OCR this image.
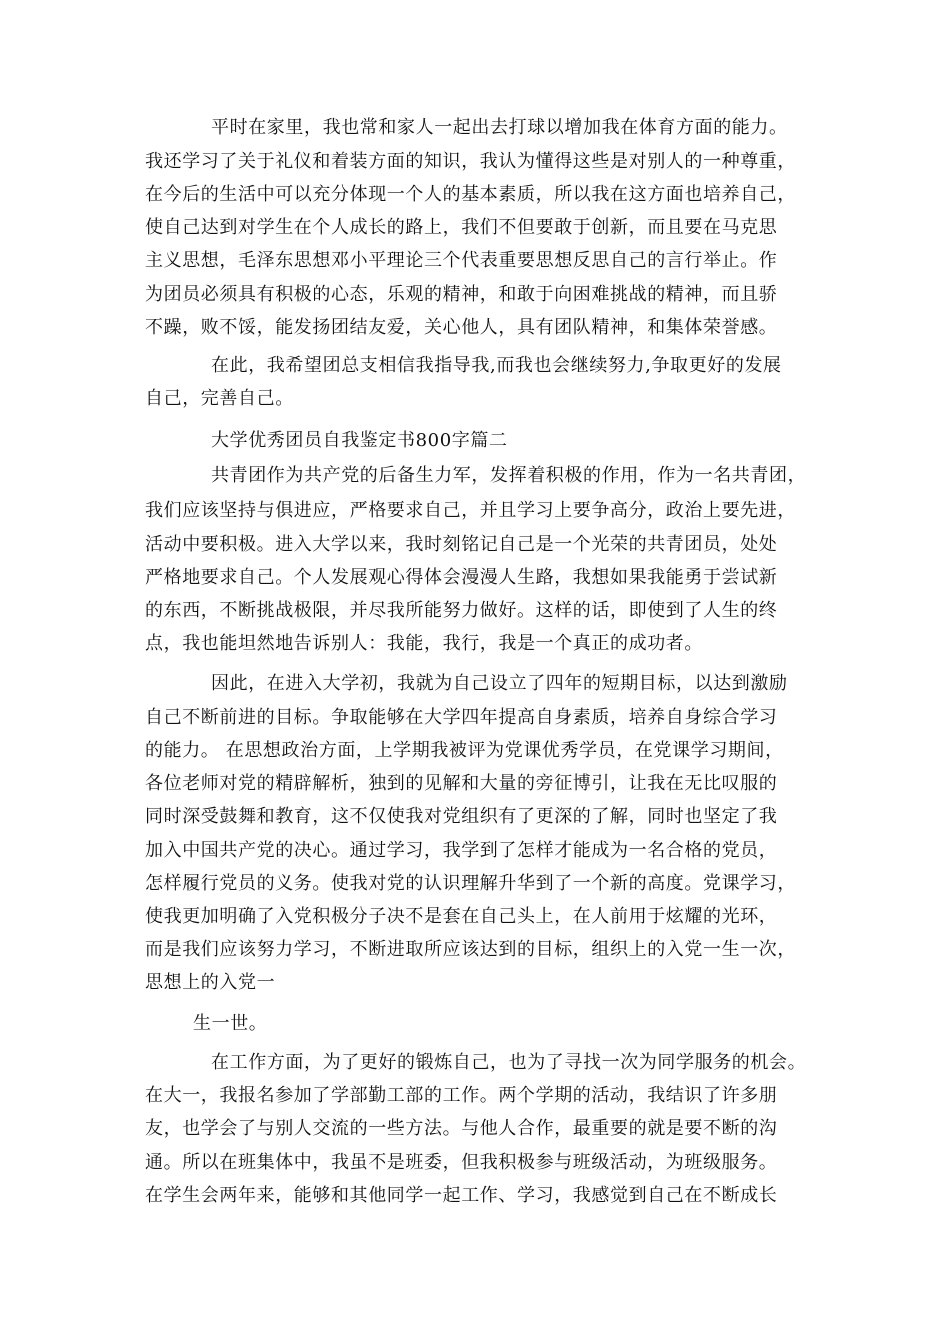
平时在家里，我也常和家人一起出去打球以增加我在体育方面的能力。
我还学习了关于礼仪和着装方面的知识，我认为懂得这些是对别人的一种尊重，
在今后的生活中可以充分体现一个人的基本素质，所以我在这方面也培养自己，
使自己达到对学生在个人成长的路上，我们不但要敢于创新，而且要在马克思
主义思想，毛泽东思想邓小平理论三个代表重要思想反思自己的言行举止。作
为团员必须具有积极的心态，乐观的精神，和敢于向困难挑战的精神，而且骄
不躁，败不馁，能发扬团结友爱，关心他人，具有团队精神，和集体荣誉感。
在此，我希望团总支相信我指导我,而我也会继续努力,争取更好的发展
自己，完善自己。
大学优秀团员自我鉴定书800字篇二
共青团作为共产党的后备生力军，发挥着积极的作用，作为一名共青团，
我们应该坚持与俱进应，严格要求自己，并且学习上要争高分，政治上要先进，
活动中要积极。进入大学以来，我时刻铭记自己是一个光荣的共青团员，处处
严格地要求自己。个人发展观心得体会漫漫人生路，我想如果我能勇于尝试新
的东西，不断挑战极限，并尽我所能努力做好。这样的话，即使到了人生的终
点，我也能坦然地告诉别人：我能，我行，我是一个真正的成功者。
因此，在进入大学初，我就为自己设立了四年的短期目标，以达到激励
自己不断前进的目标。争取能够在大学四年提高自身素质，培养自身综合学习
的能力。 在思想政治方面，上学期我被评为党课优秀学员，在党课学习期间，
各位老师对党的精辟解析，独到的见解和大量的旁征博引，让我在无比叹服的
同时深受鼓舞和教育，这不仅使我对党组织有了更深的了解，同时也坚定了我
加入中国共产党的决心。通过学习，我学到了怎样才能成为一名合格的党员，
怎样履行党员的义务。使我对党的认识理解升华到了一个新的高度。党课学习，
使我更加明确了入党积极分子决不是套在自己头上，在人前用于炫耀的光环，
而是我们应该努力学习，不断进取所应该达到的目标，组织上的入党一生一次，
思想上的入党一
生一世。
在工作方面，为了更好的锻炼自己，也为了寻找一次为同学服务的机会。
在大一，我报名参加了学部勤工部的工作。两个学期的活动，我结识了许多朋
友，也学会了与别人交流的一些方法。与他人合作，最重要的就是要不断的沟
通。所以在班集体中，我虽不是班委，但我积极参与班级活动，为班级服务。
在学生会两年来，能够和其他同学一起工作、学习，我感觉到自己在不断成长
